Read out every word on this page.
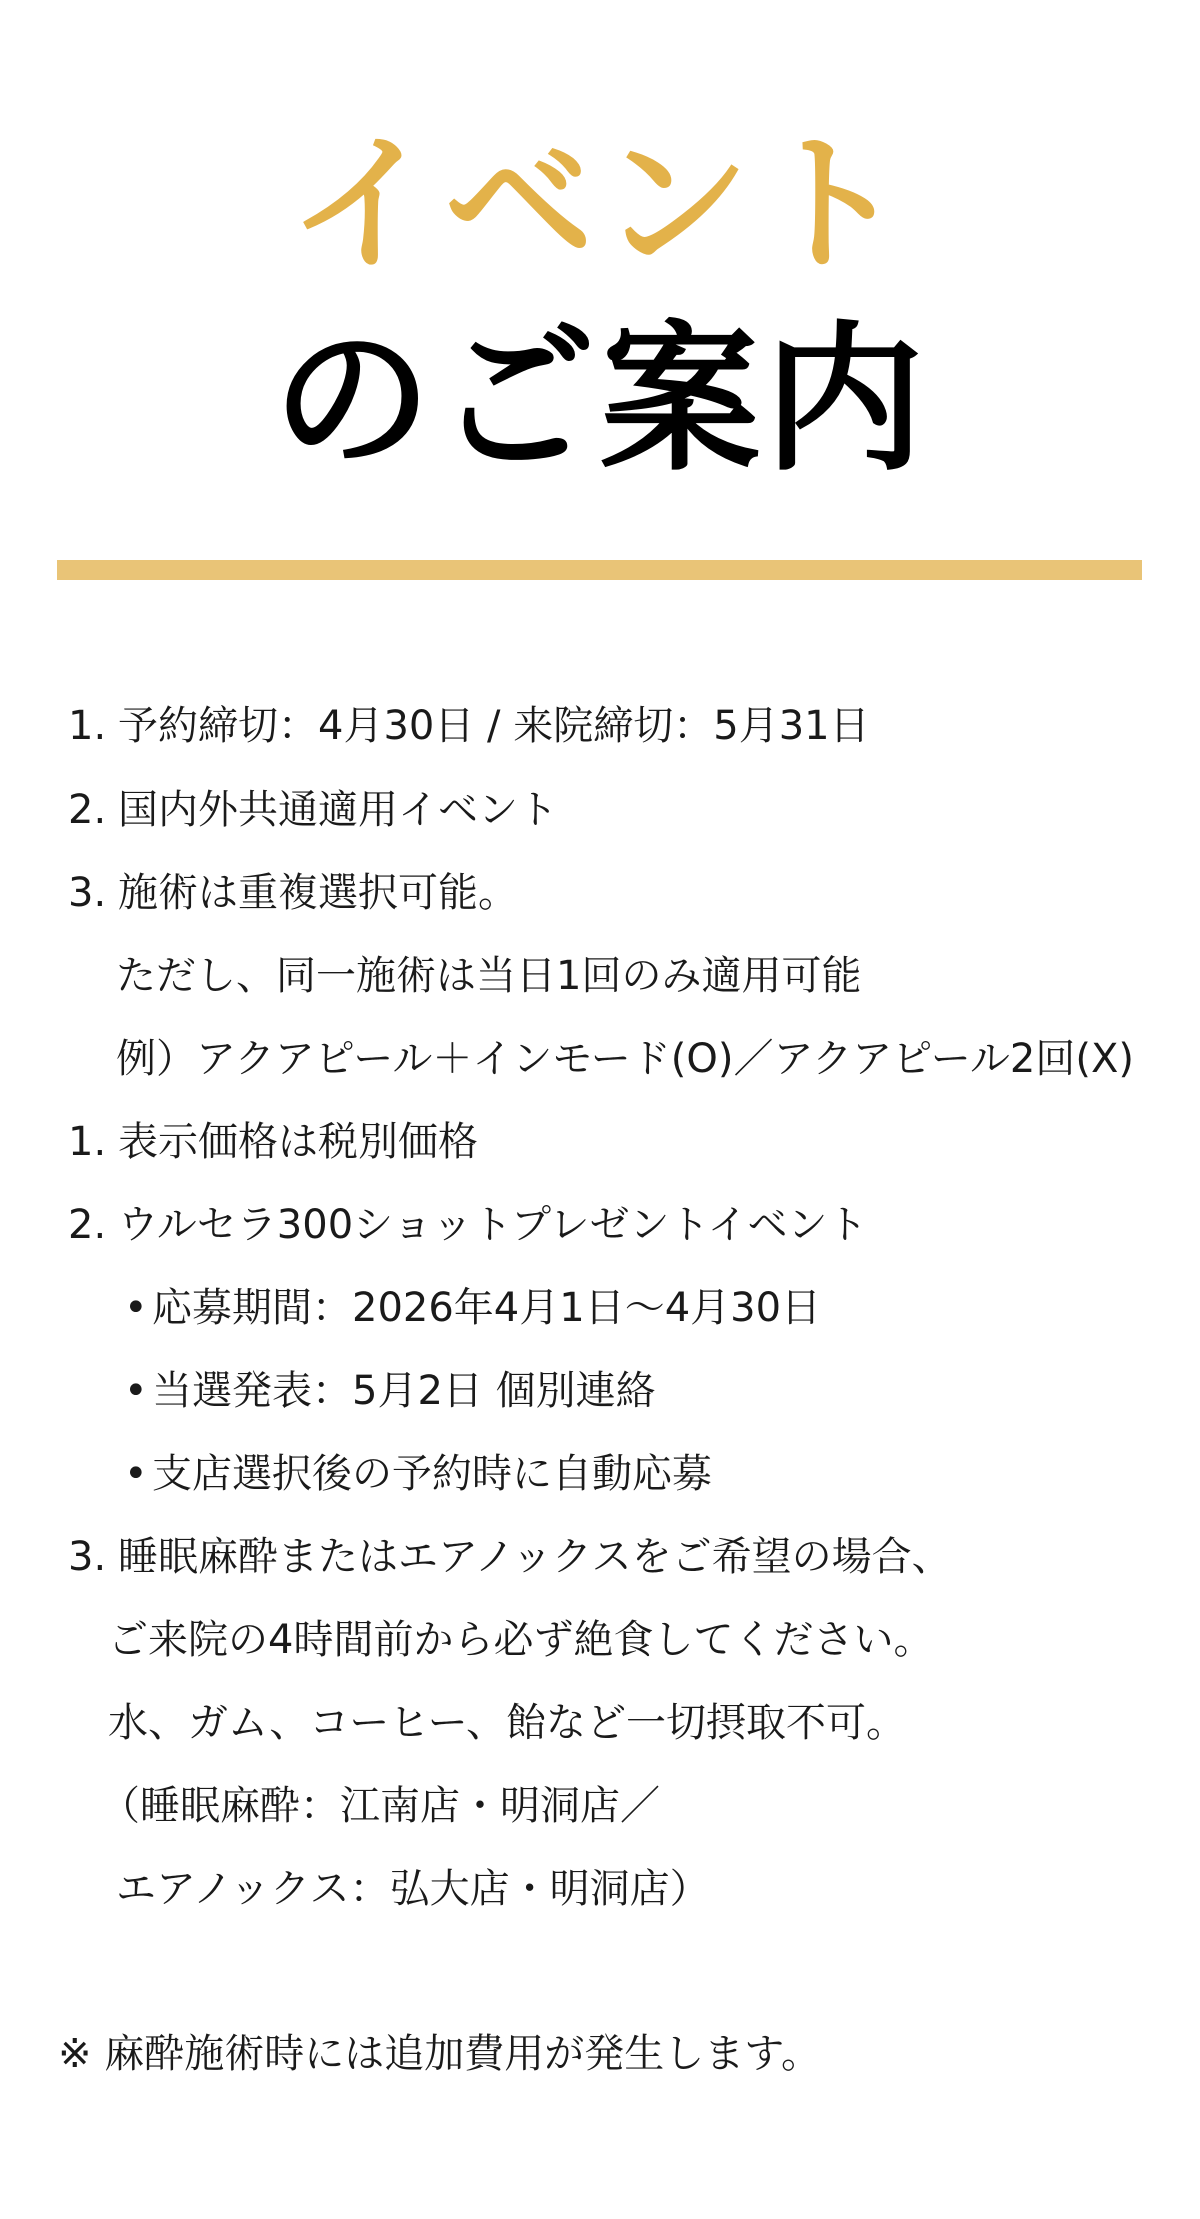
イベント
のご案内
1. 予約締切：4月30日 / 来院締切：5月31日
2. 国内外共通適用イベント
3. 施術は重複選択可能。
ただし、同一施術は当日1回のみ適用可能
例）アクアピール＋インモード(O)／アクアピール2回(X)
1. 表示価格は税別価格
2. ウルセラ300ショットプレゼントイベント
• 応募期間：2026年4月1日～4月30日
• 当選発表：5月2日 個別連絡
• 支店選択後の予約時に自動応募
3. 睡眠麻酔またはエアノックスをご希望の場合、
ご来院の4時間前から必ず絶食してください。
水、ガム、コーヒー、飴など一切摂取不可。
（睡眠麻酔：江南店・明洞店／
エアノックス：弘大店・明洞店）
※ 麻酔施術時には追加費用が発生します。
